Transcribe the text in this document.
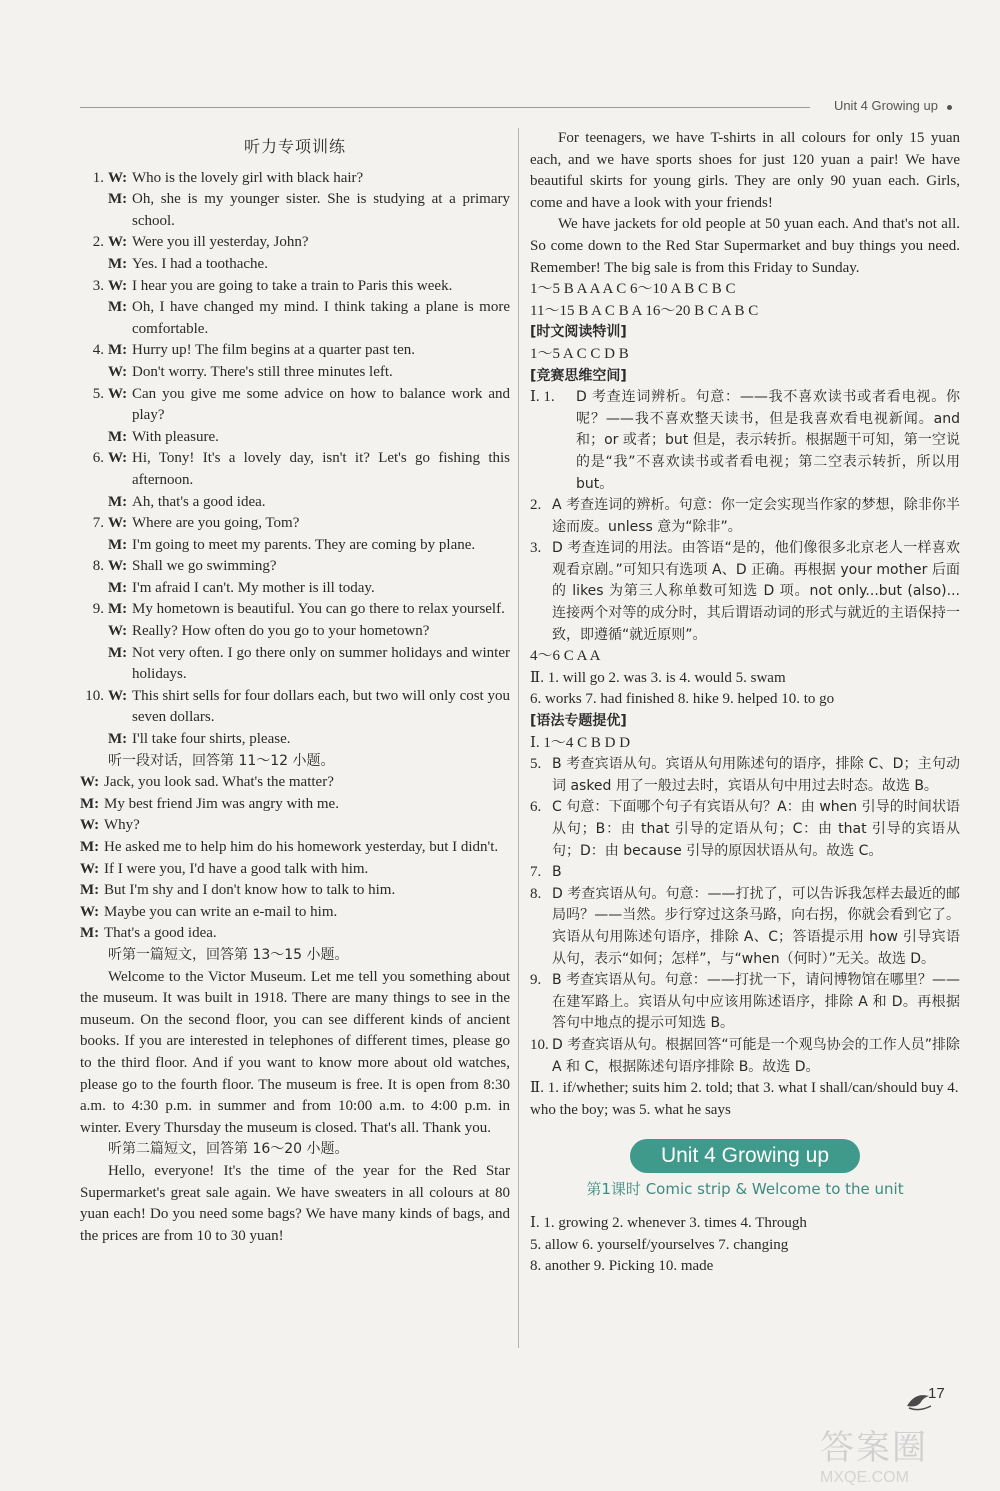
Unit 4 Growing up
听力专项训练
1. W: Who is the lovely girl with black hair?
M: Oh, she is my younger sister. She is studying at a primary school.
2. W: Were you ill yesterday, John?
M: Yes. I had a toothache.
3. W: I hear you are going to take a train to Paris this week.
M: Oh, I have changed my mind. I think taking a plane is more comfortable.
4. M: Hurry up! The film begins at a quarter past ten.
W: Don't worry. There's still three minutes left.
5. W: Can you give me some advice on how to balance work and play?
M: With pleasure.
6. W: Hi, Tony! It's a lovely day, isn't it? Let's go fishing this afternoon.
M: Ah, that's a good idea.
7. W: Where are you going, Tom?
M: I'm going to meet my parents. They are coming by plane.
8. W: Shall we go swimming?
M: I'm afraid I can't. My mother is ill today.
9. M: My hometown is beautiful. You can go there to relax yourself.
W: Really? How often do you go to your hometown?
M: Not very often. I go there only on summer holidays and winter holidays.
10. W: This shirt sells for four dollars each, but two will only cost you seven dollars.
M: I'll take four shirts, please.
听一段对话，回答第 11～12 小题。
W: Jack, you look sad. What's the matter?
M: My best friend Jim was angry with me.
W: Why?
M: He asked me to help him do his homework yesterday, but I didn't.
W: If I were you, I'd have a good talk with him.
M: But I'm shy and I don't know how to talk to him.
W: Maybe you can write an e-mail to him.
M: That's a good idea.
听第一篇短文，回答第 13～15 小题。
Welcome to the Victor Museum. Let me tell you something about the museum. It was built in 1918. There are many things to see in the museum. On the second floor, you can see different kinds of ancient books. If you are interested in telephones of different times, please go to the third floor. And if you want to know more about old watches, please go to the fourth floor. The museum is free. It is open from 8:30 a.m. to 4:30 p.m. in summer and from 10:00 a.m. to 4:00 p.m. in winter. Every Thursday the museum is closed. That's all. Thank you.
听第二篇短文，回答第 16～20 小题。
Hello, everyone! It's the time of the year for the Red Star Supermarket's great sale again. We have sweaters in all colours at 80 yuan each! Do you need some bags? We have many kinds of bags, and the prices are from 10 to 30 yuan!
For teenagers, we have T-shirts in all colours for only 15 yuan each, and we have sports shoes for just 120 yuan a pair! We have beautiful skirts for young girls. They are only 90 yuan each. Girls, come and have a look with your friends!
We have jackets for old people at 50 yuan each. And that's not all. So come down to the Red Star Supermarket and buy things you need. Remember! The big sale is from this Friday to Sunday.
1～5 B A A A C 6～10 A B C B C
11～15 B A C B A 16～20 B C A B C
[时文阅读特训]
1～5 A C C D B
[竞赛思维空间]
Ⅰ. 1.	D 考查连词辨析。句意：——我不喜欢读书或者看电视。你呢？——我不喜欢整天读书，但是我喜欢看电视新闻。and 和；or 或者；but 但是，表示转折。根据题干可知，第一空说的是“我”不喜欢读书或者看电视；第二空表示转折，所以用 but。
2. A 考查连词的辨析。句意：你一定会实现当作家的梦想，除非你半途而废。unless 意为“除非”。
3. D 考查连词的用法。由答语“是的，他们像很多北京老人一样喜欢观看京剧。”可知只有选项 A、D 正确。再根据 your mother 后面的 likes 为第三人称单数可知选 D 项。not only...but (also)... 连接两个对等的成分时，其后谓语动词的形式与就近的主语保持一致，即遵循“就近原则”。
4～6 C A A
Ⅱ. 1. will go 2. was 3. is 4. would 5. swam
6. works 7. had finished 8. hike 9. helped 10. to go
[语法专题提优]
Ⅰ. 1～4 C B D D
5. B 考查宾语从句。宾语从句用陈述句的语序，排除 C、D；主句动词 asked 用了一般过去时，宾语从句中用过去时态。故选 B。
6. C 句意：下面哪个句子有宾语从句？A：由 when 引导的时间状语从句；B：由 that 引导的定语从句；C：由 that 引导的宾语从句；D：由 because 引导的原因状语从句。故选 C。
7. B
8. D 考查宾语从句。句意：——打扰了，可以告诉我怎样去最近的邮局吗？——当然。步行穿过这条马路，向右拐，你就会看到它了。宾语从句用陈述句语序，排除 A、C；答语提示用 how 引导宾语从句，表示“如何；怎样”，与“when（何时）”无关。故选 D。
9. B 考查宾语从句。句意：——打扰一下，请问博物馆在哪里？——在建军路上。宾语从句中应该用陈述语序，排除 A 和 D。再根据答句中地点的提示可知选 B。
10. D 考查宾语从句。根据回答“可能是一个观鸟协会的工作人员”排除 A 和 C，根据陈述句语序排除 B。故选 D。
Ⅱ. 1. if/whether; suits him 2. told; that 3. what I shall/can/should buy 4. who the boy; was 5. what he says
Unit 4 Growing up
第1课时 Comic strip & Welcome to the unit
Ⅰ. 1. growing 2. whenever 3. times 4. Through
5. allow 6. yourself/yourselves 7. changing
8. another 9. Picking 10. made
17
答案圈
MXQE.COM
